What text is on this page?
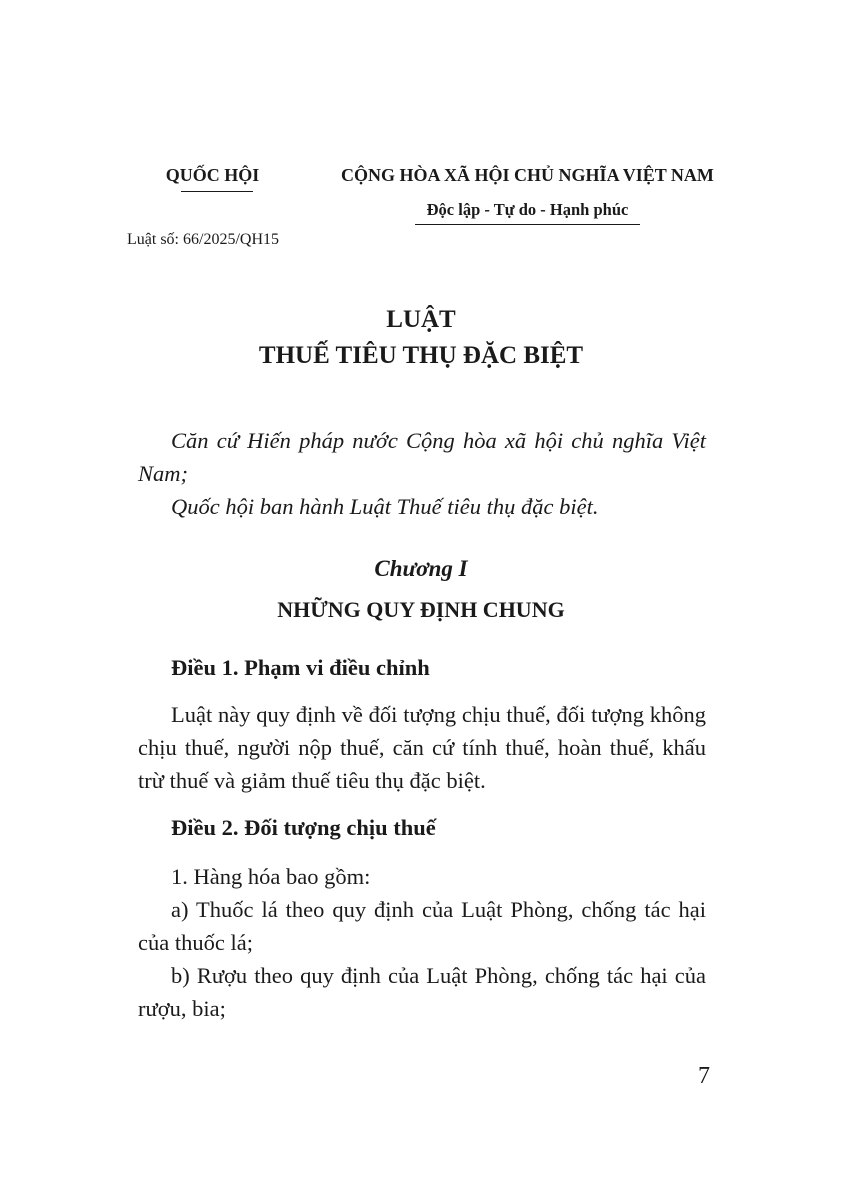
QUỐC HỘI	CỘNG HÒA XÃ HỘI CHỦ NGHĨA VIỆT NAM
Độc lập - Tự do - Hạnh phúc
Luật số: 66/2025/QH15
LUẬT
THUẾ TIÊU THỤ ĐẶC BIỆT

Căn cứ Hiến pháp nước Cộng hòa xã hội chủ nghĩa Việt Nam;

Quốc hội ban hành Luật Thuế tiêu thụ đặc biệt.

Chương I
NHỮNG QUY ĐỊNH CHUNG
Điều 1. Phạm vi điều chỉnh

Luật này quy định về đối tượng chịu thuế, đối tượng không chịu thuế, người nộp thuế, căn cứ tính thuế, hoàn thuế, khấu trừ thuế và giảm thuế tiêu thụ đặc biệt.

Điều 2. Đối tượng chịu thuế

1. Hàng hóa bao gồm:

a) Thuốc lá theo quy định của Luật Phòng, chống tác hại của thuốc lá;

b) Rượu theo quy định của Luật Phòng, chống tác hại của rượu, bia;

7
